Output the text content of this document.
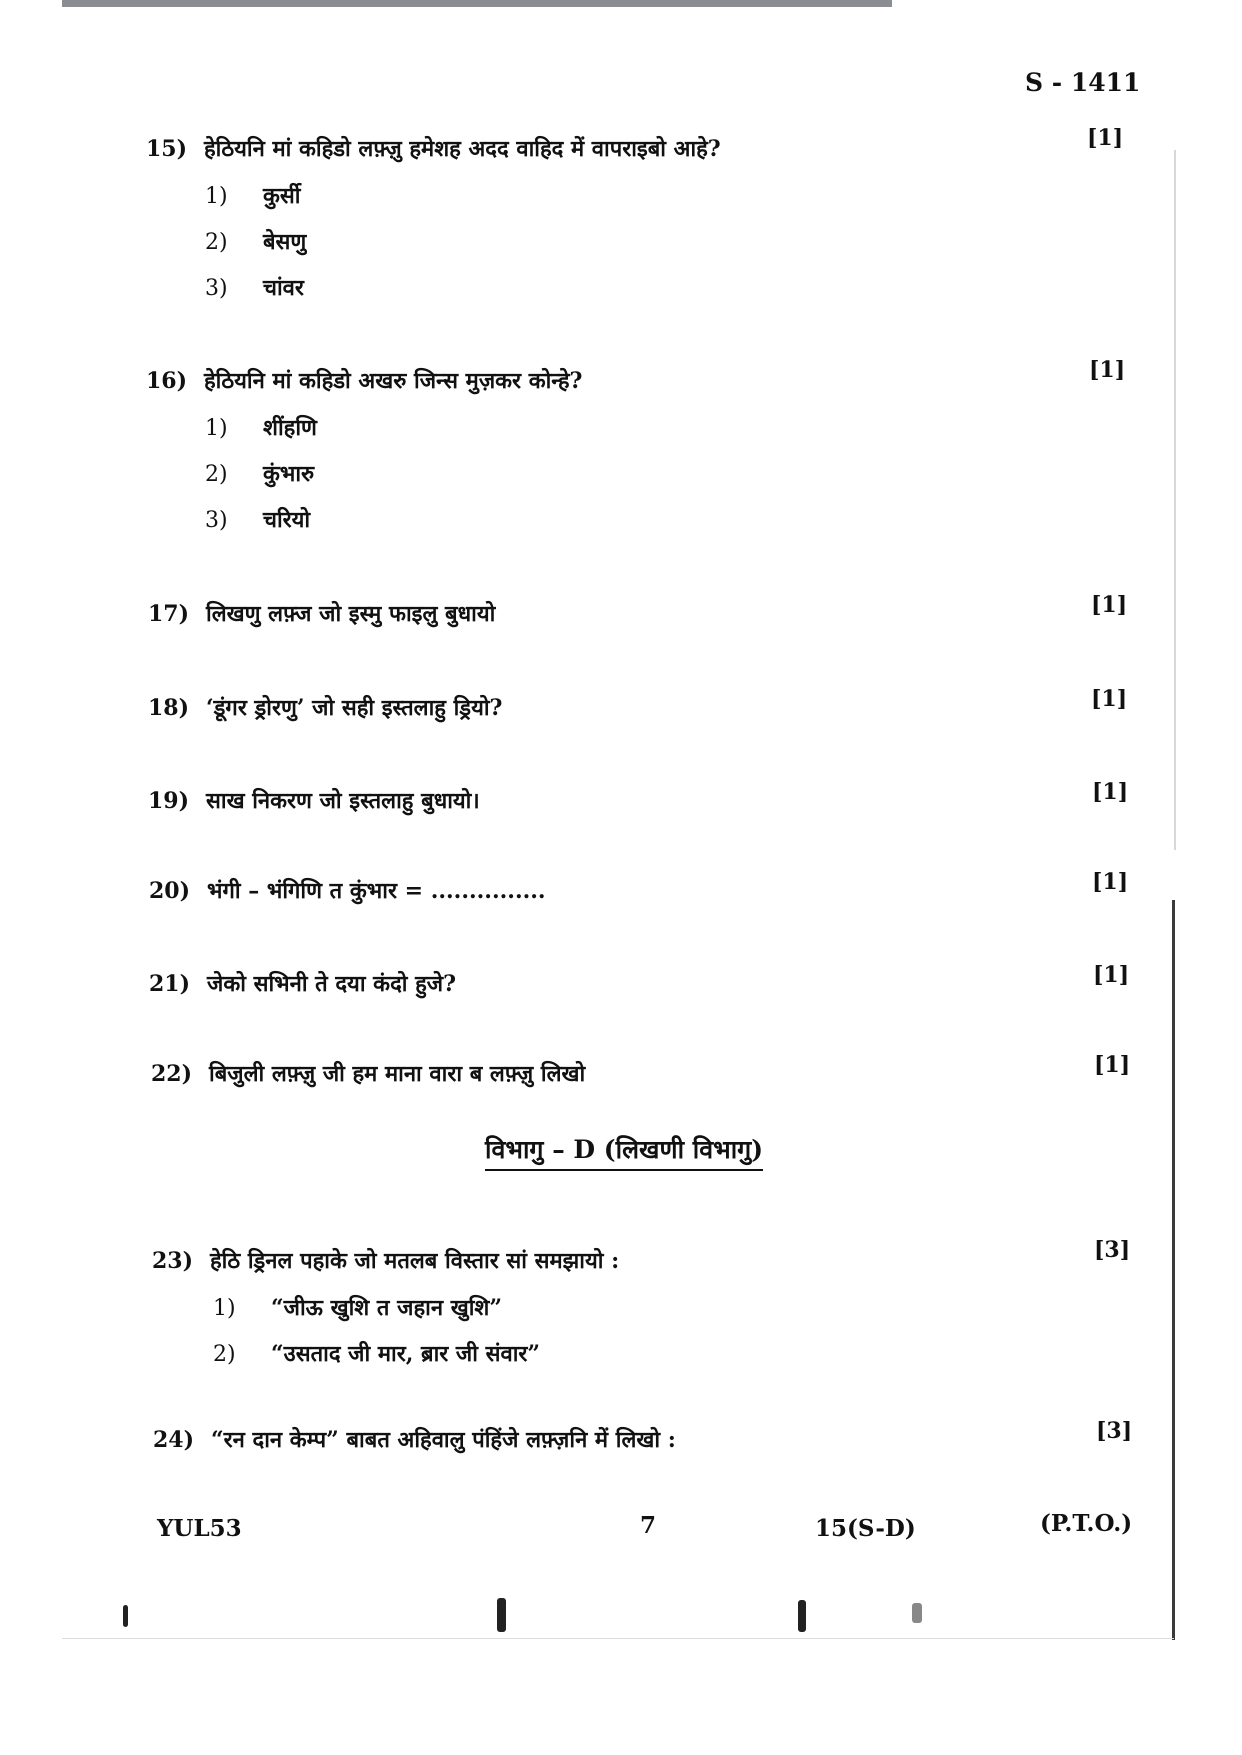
S - 1411
15) हेठियनि मां कहिडो लफ़्ज़ु हमेशह अदद वाहिद में वापराइबो आहे?	[1]
1) कुर्सी
2) बेसणु
3) चांवर
16) हेठियनि मां कहिडो अखरु जिन्स मुज़कर कोन्हे?	[1]
1) शींहणि
2) कुंभारु
3) चरियो
17) लिखणु लफ़्ज जो इस्मु फाइलु बुधायो	[1]
18) ‘डूंगर ड्रोरणु’ जो सही इस्तलाहु ड्रियो?	[1]
19) साख निकरण जो इस्तलाहु बुधायो।	[1]
20) भंगी – भंगिणि त कुंभार = ...............	[1]
21) जेको सभिनी ते दया कंदो हुजे?	[1]
22) बिजुली लफ़्ज़ु जी हम माना वारा ब लफ़्ज़ु लिखो	[1]
विभागु – D (लिखणी विभागु)
23) हेठि ड्रिनल पहाके जो मतलब विस्तार सां समझायो :	[3]
1) “जीऊ खुशि त जहान खुशि”
2) “उसताद जी मार, ब्रार जी संवार”
24) “रन दान केम्प” बाबत अहिवालु पंहिंजे लफ़्ज़नि में लिखो :	[3]
YUL53	7	15(S-D)	(P.T.O.)
